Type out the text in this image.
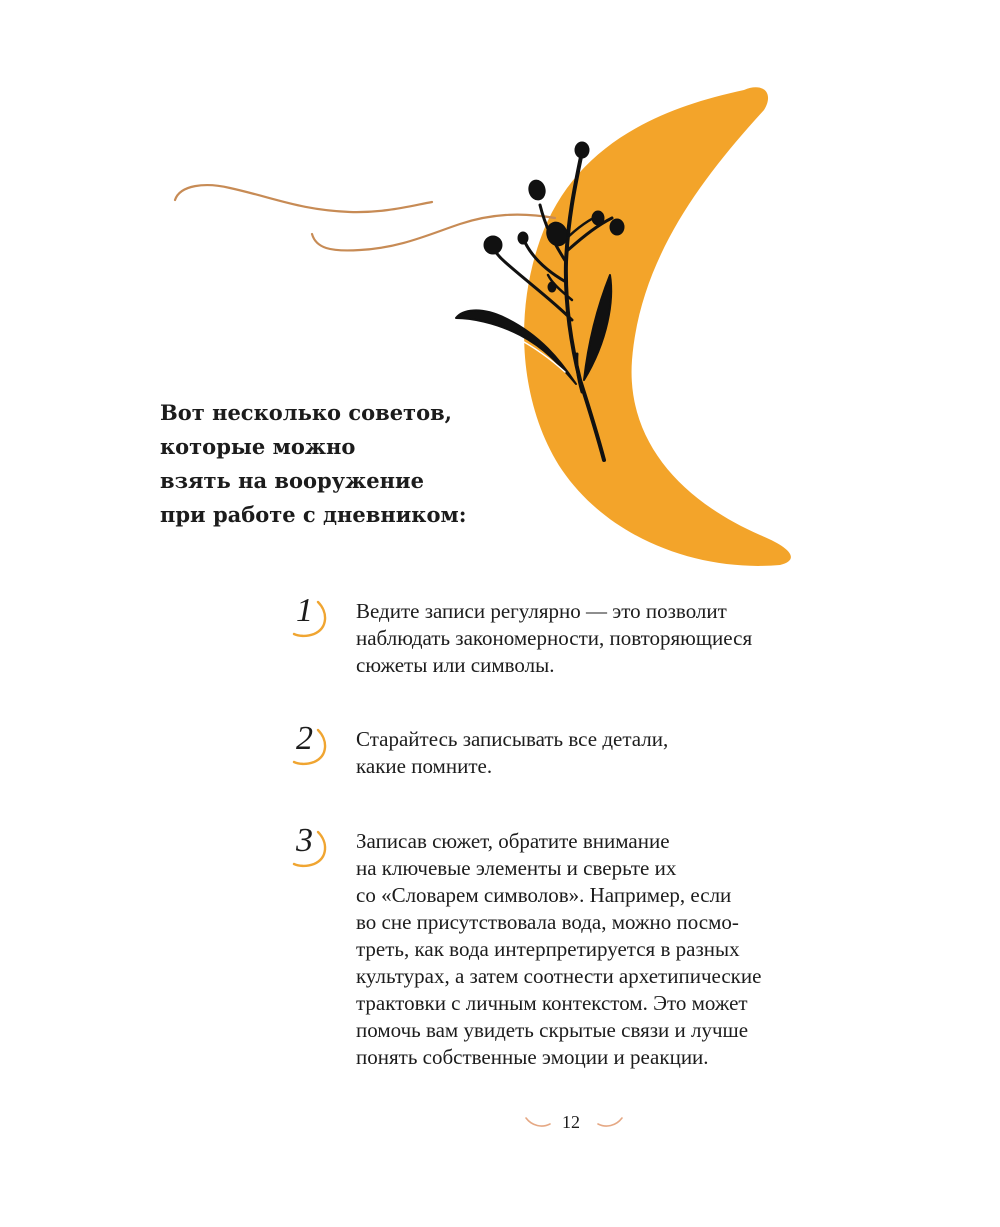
Вот несколько советов,
которые можно
взять на вооружение
при работе с дневником:
1 Ведите записи регулярно — это позволит
наблюдать закономерности, повторяющиеся
сюжеты или символы.
2 Старайтесь записывать все детали,
какие помните.
3 Записав сюжет, обратите внимание
на ключевые элементы и сверьте их
со «Словарем символов». Например, если
во сне присутствовала вода, можно посмо-
треть, как вода интерпретируется в разных
культурах, а затем соотнести архетипические
трактовки с личным контекстом. Это может
помочь вам увидеть скрытые связи и лучше
понять собственные эмоции и реакции.
12
